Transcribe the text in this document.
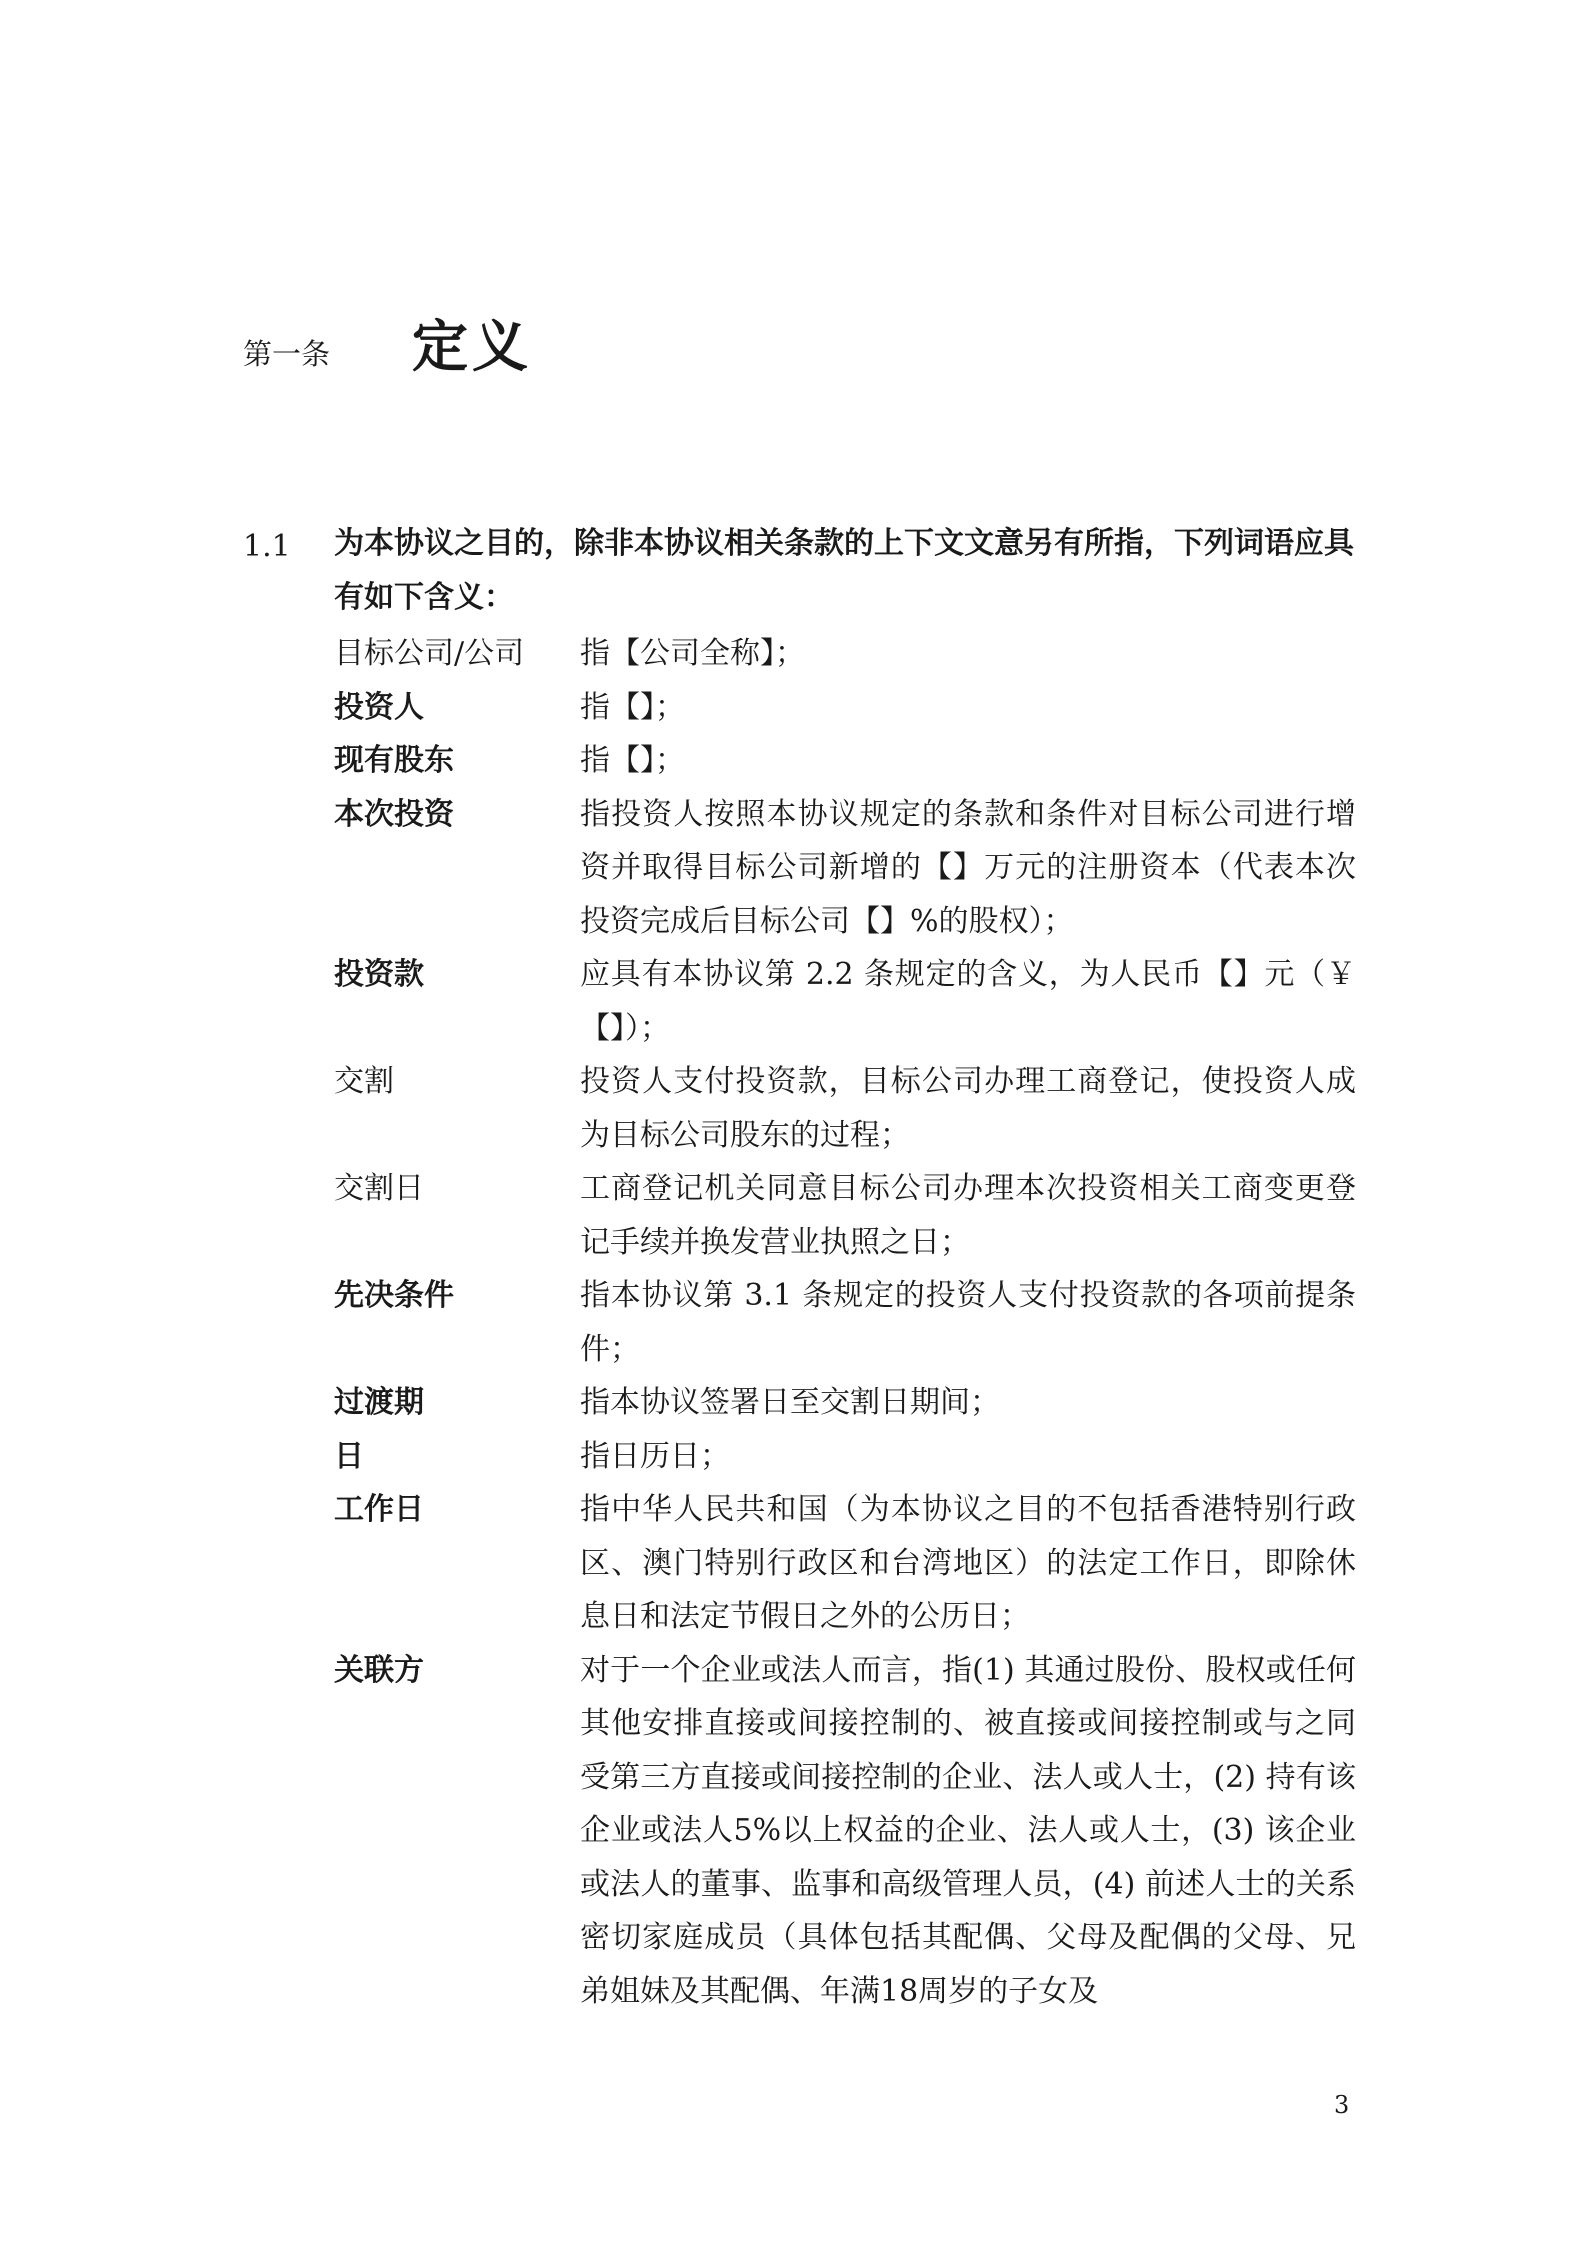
第一条 定义
1.1 为本协议之目的，除非本协议相关条款的上下文文意另有所指，下列词语应具有如下含义：

目标公司/公司	指【公司全称】；
投资人	指【】；
现有股东	指【】；
本次投资	指投资人按照本协议规定的条款和条件对目标公司进行增资并取得目标公司新增的【】万元的注册资本（代表本次投资完成后目标公司【】%的股权）；
投资款	应具有本协议第 2.2 条规定的含义，为人民币【】元（￥【】）；
交割	投资人支付投资款，目标公司办理工商登记，使投资人成为目标公司股东的过程；
交割日	工商登记机关同意目标公司办理本次投资相关工商变更登记手续并换发营业执照之日；
先决条件	指本协议第 3.1 条规定的投资人支付投资款的各项前提条件；
过渡期	指本协议签署日至交割日期间；
日	指日历日；
工作日	指中华人民共和国（为本协议之目的不包括香港特别行政区、澳门特别行政区和台湾地区）的法定工作日，即除休息日和法定节假日之外的公历日；
关联方	对于一个企业或法人而言，指(1) 其通过股份、股权或任何其他安排直接或间接控制的、被直接或间接控制或与之同受第三方直接或间接控制的企业、法人或人士，(2) 持有该企业或法人5%以上权益的企业、法人或人士，(3) 该企业或法人的董事、监事和高级管理人员，(4) 前述人士的关系密切家庭成员（具体包括其配偶、父母及配偶的父母、兄弟姐妹及其配偶、年满18周岁的子女及
3
